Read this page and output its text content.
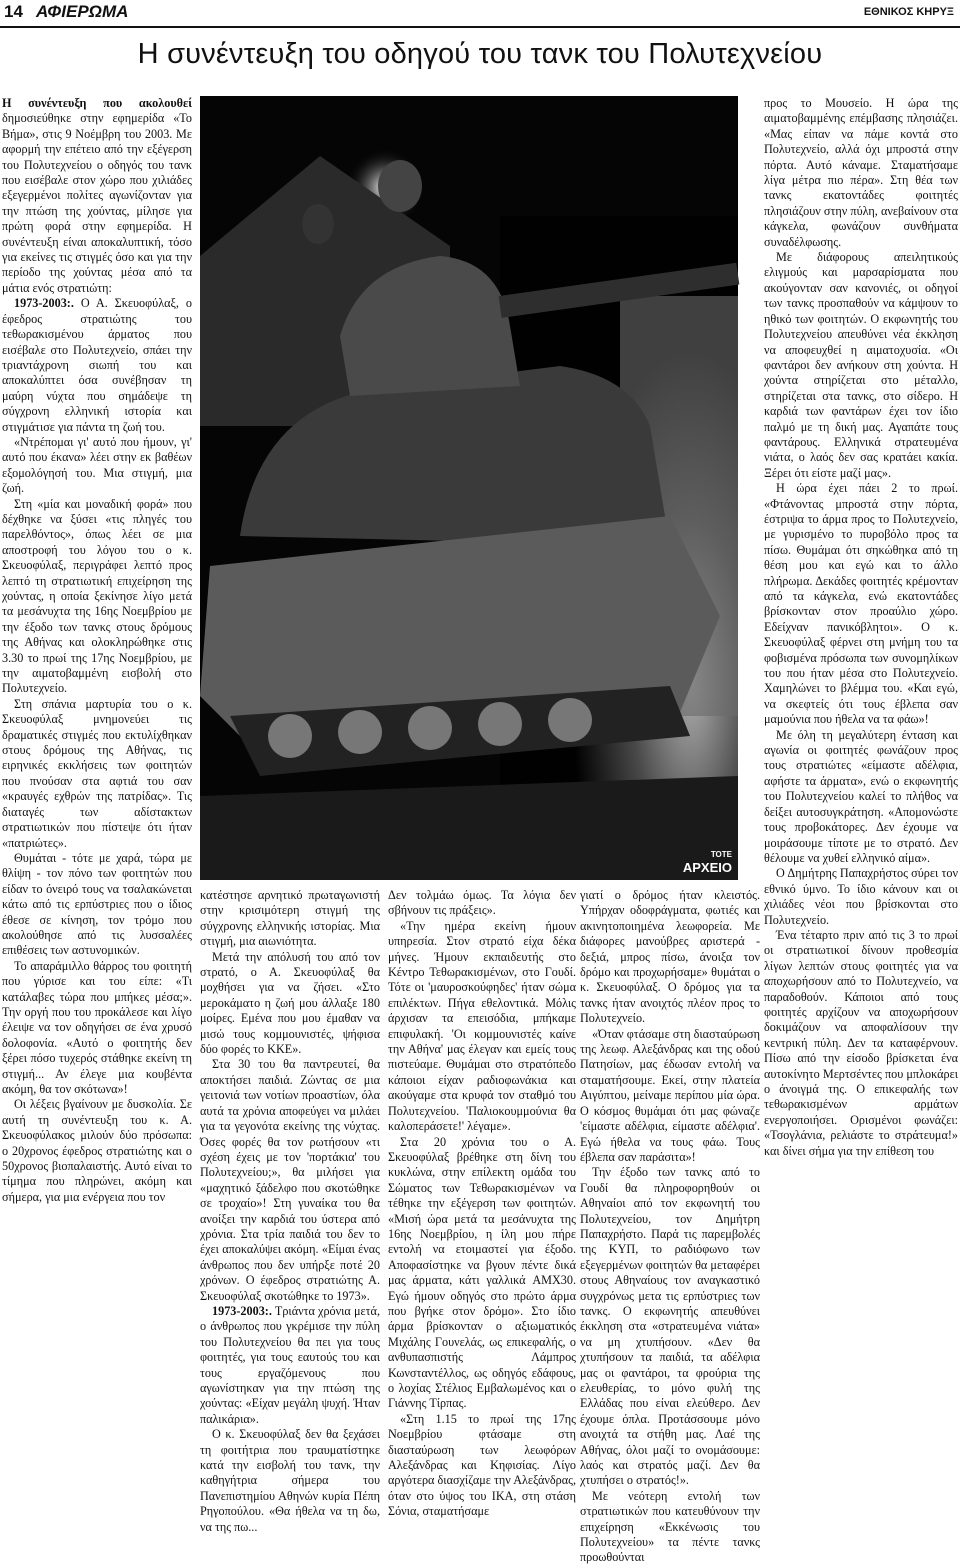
14 ΑΦΙΕΡΩΜΑ	ΕΘΝΙΚΟΣ ΚΗΡΥΞ
Η συνέντευξη του οδηγού του τανκ του Πολυτεχνείου

Η συνέντευξη που ακολουθεί δημοσιεύθηκε στην εφημερίδα «Το Βήμα», στις 9 Νοέμβρη του 2003. Με αφορμή την επέτειο από την εξέγερση του Πολυτεχνείου ο οδηγός του τανκ που εισέβαλε στον χώρο που χιλιάδες εξεγερμένοι πολίτες αγωνίζονταν για την πτώση της χούντας, μίλησε για πρώτη φορά στην εφημερίδα. Η συνέντευξη είναι αποκαλυπτική, τόσο για εκείνες τις στιγμές όσο και για την περίοδο της χούντας μέσα από τα μάτια ενός στρατιώτη:

1973-2003:. Ο Α. Σκευοφύλαξ, ο έφεδρος στρατιώτης του τεθωρακισμένου άρματος που εισέβαλε στο Πολυτεχνείο, σπάει την τριαντάχρονη σιωπή του και αποκαλύπτει όσα συνέβησαν τη μαύρη νύχτα που σημάδεψε τη σύγχρονη ελληνική ιστορία και στιγμάτισε για πάντα τη ζωή του.

«Ντρέπομαι γι' αυτό που ήμουν, γι' αυτό που έκανα» λέει στην εκ βαθέων εξομολόγησή του. Μια στιγμή, μια ζωή.

Στη «μία και μοναδική φορά» που δέχθηκε να ξύσει «τις πληγές του παρελθόντος», όπως λέει σε μια αποστροφή του λόγου του ο κ. Σκευοφύλαξ, περιγράφει λεπτό προς λεπτό τη στρατιωτική επιχείρηση της χούντας, η οποία ξεκίνησε λίγο μετά τα μεσάνυχτα της 16ης Νοεμβρίου με την έξοδο των τανκς στους δρόμους της Αθήνας και ολοκληρώθηκε στις 3.30 το πρωί της 17ης Νοεμβρίου, με την αιματοβαμμένη εισβολή στο Πολυτεχνείο.

Στη σπάνια μαρτυρία του ο κ. Σκευοφύλαξ μνημονεύει τις δραματικές στιγμές που εκτυλίχθηκαν στους δρόμους της Αθήνας, τις ειρηνικές εκκλήσεις των φοιτητών που πνούσαν στα αφτιά του σαν «κραυγές εχθρών της πατρίδας». Τις διαταγές των αδίστακτων στρατιωτικών που πίστεψε ότι ήταν «πατριώτες».

Θυμάται - τότε με χαρά, τώρα με θλίψη - τον πόνο των φοιτητών που είδαν το όνειρό τους να τσαλακώνεται κάτω από τις ερπύστριες που ο ίδιος έθεσε σε κίνηση, τον τρόμο που ακολούθησε από τις λυσσαλέες επιθέσεις των αστυνομικών.

Το απαράμιλλο θάρρος του φοιτητή που γύρισε και του είπε: «Τι κατάλαβες τώρα που μπήκες μέσα;». Την οργή που του προκάλεσε και λίγο έλειψε να τον οδηγήσει σε ένα χρυσό δολοφονία. «Αυτό ο φοιτητής δεν ξέρει πόσο τυχερός στάθηκε εκείνη τη στιγμή... Αν έλεγε μια κουβέντα ακόμη, θα τον σκότωνα»!

Οι λέξεις βγαίνουν με δυσκολία. Σε αυτή τη συνέντευξη του κ. Α. Σκευοφύλακος μιλούν δύο πρόσωπα: ο 20χρονος έφεδρος στρατιώτης και ο 50χρονος βιοπαλαιστής. Αυτό είναι το τίμημα που πληρώνει, ακόμη και σήμερα, για μια ενέργεια που τον

ΤΟΤΕ
ΑΡΧΕΙΟ

κατέστησε αρνητικό πρωταγωνιστή στην κρισιμότερη στιγμή της σύγχρονης ελληνικής ιστορίας. Μια στιγμή, μια αιωνιότητα.

Μετά την απόλυσή του από τον στρατό, ο Α. Σκευοφύλαξ θα μοχθήσει για να ζήσει. «Στο μεροκάματο η ζωή μου άλλαξε 180 μοίρες. Εμένα που μου έμαθαν να μισώ τους κομμουνιστές, ψήφισα δύο φορές το ΚΚΕ».

Στα 30 του θα παντρευτεί, θα αποκτήσει παιδιά. Ζώντας σε μια γειτονιά των νοτίων προαστίων, όλα αυτά τα χρόνια αποφεύγει να μιλάει για τα γεγονότα εκείνης της νύχτας. Όσες φορές θα τον ρωτήσουν «τι σχέση έχεις με τον 'πορτάκια' του Πολυτεχνείου;», θα μιλήσει για «μαχητικό ξάδελφο που σκοτώθηκε σε τροχαίο»! Στη γυναίκα του θα ανοίξει την καρδιά του ύστερα από χρόνια. Στα τρία παιδιά του δεν το έχει αποκαλύψει ακόμη. «Είμαι ένας άνθρωπος που δεν υπήρξε ποτέ 20 χρόνων. Ο έφεδρος στρατιώτης Α. Σκευοφύλαξ σκοτώθηκε το 1973».

1973-2003:. Τριάντα χρόνια μετά, ο άνθρωπος που γκρέμισε την πύλη του Πολυτεχνείου θα πει για τους φοιτητές, για τους εαυτούς του και τους εργαζόμενους που αγωνίστηκαν για την πτώση της χούντας: «Είχαν μεγάλη ψυχή. Ήταν παλικάρια».

Ο κ. Σκευοφύλαξ δεν θα ξεχάσει τη φοιτήτρια που τραυματίστηκε κατά την εισβολή του τανκ, την καθηγήτρια σήμερα του Πανεπιστημίου Αθηνών κυρία Πέπη Ρηγοπούλου. «Θα ήθελα να τη δω, να της πω...

Δεν τολμάω όμως. Τα λόγια δεν σβήνουν τις πράξεις».

«Την ημέρα εκείνη ήμουν υπηρεσία. Στον στρατό είχα δέκα μήνες. Ήμουν εκπαιδευτής στο Κέντρο Τεθωρακισμένων, στο Γουδί. Τότε οι 'μαυροσκούφηδες' ήταν σώμα επιλέκτων. Πήγα εθελοντικά. Μόλις άρχισαν τα επεισόδια, μπήκαμε επιφυλακή. 'Οι κομμουνιστές καίνε την Αθήνα' μας έλεγαν και εμείς τους πιστεύαμε. Θυμάμαι στο στρατόπεδο κάποιοι είχαν ραδιοφωνάκια και ακούγαμε στα κρυφά τον σταθμό του Πολυτεχνείου. 'Παλιοκουμμούνια θα καλοπεράσετε!' λέγαμε».

Στα 20 χρόνια του ο Α. Σκευοφύλαξ βρέθηκε στη δίνη του κυκλώνα, στην επίλεκτη ομάδα του Σώματος των Τεθωρακισμένων να τέθηκε την εξέγερση των φοιτητών. «Μισή ώρα μετά τα μεσάνυχτα της 16ης Νοεμβρίου, η ίλη μου πήρε εντολή να ετοιμαστεί για έξοδο. Αποφασίστηκε να βγουν πέντε δικά μας άρματα, κάτι γαλλικά AMX30. Εγώ ήμουν οδηγός στο πρώτο άρμα που βγήκε στον δρόμο». Στο ίδιο άρμα βρίσκονταν ο αξιωματικός Μιχάλης Γουνελάς, ως επικεφαλής, ο ανθυπασπιστής Λάμπρος Κωνσταντέλλος, ως οδηγός εδάφους, ο λοχίας Στέλιος Εμβαλωμένος και ο Γιάννης Τίρπας.

«Στη 1.15 το πρωί της 17ης Νοεμβρίου φτάσαμε στη διασταύρωση των λεωφόρων Αλεξάνδρας και Κηφισίας. Λίγο αργότερα διασχίζαμε την Αλεξάνδρας, όταν στο ύψος του ΙΚΑ, στη στάση Σόνια, σταματήσαμε

γιατί ο δρόμος ήταν κλειστός. Υπήρχαν οδοφράγματα, φωτιές και ακινητοποιημένα λεωφορεία. Με διάφορες μανούβρες αριστερά - δεξιά, μπρος πίσω, άνοιξα τον δρόμο και προχωρήσαμε» θυμάται ο κ. Σκευοφύλαξ. Ο δρόμος για τα τανκς ήταν ανοιχτός πλέον προς το Πολυτεχνείο.

«Όταν φτάσαμε στη διασταύρωση της λεωφ. Αλεξάνδρας και της οδού Πατησίων, μας έδωσαν εντολή να σταματήσουμε. Εκεί, στην πλατεία Αιγύπτου, μείναμε περίπου μία ώρα. Ο κόσμος θυμάμαι ότι μας φώναζε 'είμαστε αδέλφια, είμαστε αδέλφια'. Εγώ ήθελα να τους φάω. Τους έβλεπα σαν παράσιτα»!

Την έξοδο των τανκς από το Γουδί θα πληροφορηθούν οι Αθηναίοι από τον εκφωνητή του Πολυτεχνείου, τον Δημήτρη Παπαχρήστο. Παρά τις παρεμβολές της ΚΥΠ, το ραδιόφωνο των εξεγερμένων φοιτητών θα μεταφέρει στους Αθηναίους τον αναγκαστικό συγχρόνως μετα τις ερπύστριες των τανκς. Ο εκφωνητής απευθύνει έκκληση στα «στρατευμένα νιάτα» να μη χτυπήσουν. «Δεν θα χτυπήσουν τα παιδιά, τα αδέλφια μας οι φαντάροι, τα φρούρια της ελευθερίας, το μόνο φυλή της Ελλάδας που είναι ελεύθερο. Δεν έχουμε όπλα. Προτάσσουμε μόνο ανοιχτά τα στήθη μας. Λαέ της Αθήνας, όλοι μαζί το ονομάσουμε: λαός και στρατός μαζί. Δεν θα χτυπήσει ο στρατός!».

Με νεότερη εντολή των στρατιωτικών που κατευθύνουν την επιχείρηση «Εκκένωσις του Πολυτεχνείου» τα πέντε τανκς προωθούνται

προς το Μουσείο. Η ώρα της αιματοβαμμένης επέμβασης πλησιάζει. «Μας είπαν να πάμε κοντά στο Πολυτεχνείο, αλλά όχι μπροστά στην πόρτα. Αυτό κάναμε. Σταματήσαμε λίγα μέτρα πιο πέρα». Στη θέα των τανκς εκατοντάδες φοιτητές πλησιάζουν στην πύλη, ανεβαίνουν στα κάγκελα, φωνάζουν συνθήματα συναδέλφωσης.

Με διάφορους απειλητικούς ελιγμούς και μαρσαρίσματα που ακούγονταν σαν κανονιές, οι οδηγοί των τανκς προσπαθούν να κάμψουν το ηθικό των φοιτητών. Ο εκφωνητής του Πολυτεχνείου απευθύνει νέα έκκληση να αποφευχθεί η αιματοχυσία. «Οι φαντάροι δεν ανήκουν στη χούντα. Η χούντα στηρίζεται στο μέταλλο, στηρίζεται στα τανκς, στο σίδερο. Η καρδιά των φαντάρων έχει τον ίδιο παλμό με τη δική μας. Αγαπάτε τους φαντάρους. Ελληνικά στρατευμένα νιάτα, ο λαός δεν σας κρατάει κακία. Ξέρει ότι είστε μαζί μας».

Η ώρα έχει πάει 2 το πρωί. «Φτάνοντας μπροστά στην πόρτα, έστριψα το άρμα προς το Πολυτεχνείο, με γυρισμένο το πυροβόλο προς τα πίσω. Θυμάμαι ότι σηκώθηκα από τη θέση μου και εγώ και το άλλο πλήρωμα. Δεκάδες φοιτητές κρέμονταν από τα κάγκελα, ενώ εκατοντάδες βρίσκονταν στον προαύλιο χώρο. Εδείχναν πανικόβλητοι». Ο κ. Σκευοφύλαξ φέρνει στη μνήμη του τα φοβισμένα πρόσωπα των συνομηλίκων του που ήταν μέσα στο Πολυτεχνείο. Χαμηλώνει το βλέμμα του. «Και εγώ, να σκεφτείς ότι τους έβλεπα σαν μαμούνια που ήθελα να τα φάω»!

Με όλη τη μεγαλύτερη ένταση και αγωνία οι φοιτητές φωνάζουν προς τους στρατιώτες «είμαστε αδέλφια, αφήστε τα άρματα», ενώ ο εκφωνητής του Πολυτεχνείου καλεί το πλήθος να δείξει αυτοσυγκράτηση. «Απομονώστε τους προβοκάτορες. Δεν έχουμε να μοιράσουμε τίποτε με το στρατό. Δεν θέλουμε να χυθεί ελληνικό αίμα».

Ο Δημήτρης Παπαχρήστος σύρει τον εθνικό ύμνο. Το ίδιο κάνουν και οι χιλιάδες νέοι που βρίσκονται στο Πολυτεχνείο.

Ένα τέταρτο πριν από τις 3 το πρωί οι στρατιωτικοί δίνουν προθεσμία λίγων λεπτών στους φοιτητές για να αποχωρήσουν από το Πολυτεχνείο, να παραδοθούν. Κάποιοι από τους φοιτητές αρχίζουν να αποχωρήσουν δοκιμάζουν να αποφαλίσουν την κεντρική πύλη. Δεν τα καταφέρνουν. Πίσω από την είσοδο βρίσκεται ένα αυτοκίνητο Μερτσέντες που μπλοκάρει ο άνοιγμά της. Ο επικεφαλής των τεθωρακισμένων αρμάτων ενεργοποιήσει. Ορισμένοι φωνάζει: «Τσογλάνια, ρελιάστε το στράτευμα!» και δίνει σήμα για την επίθεση του
